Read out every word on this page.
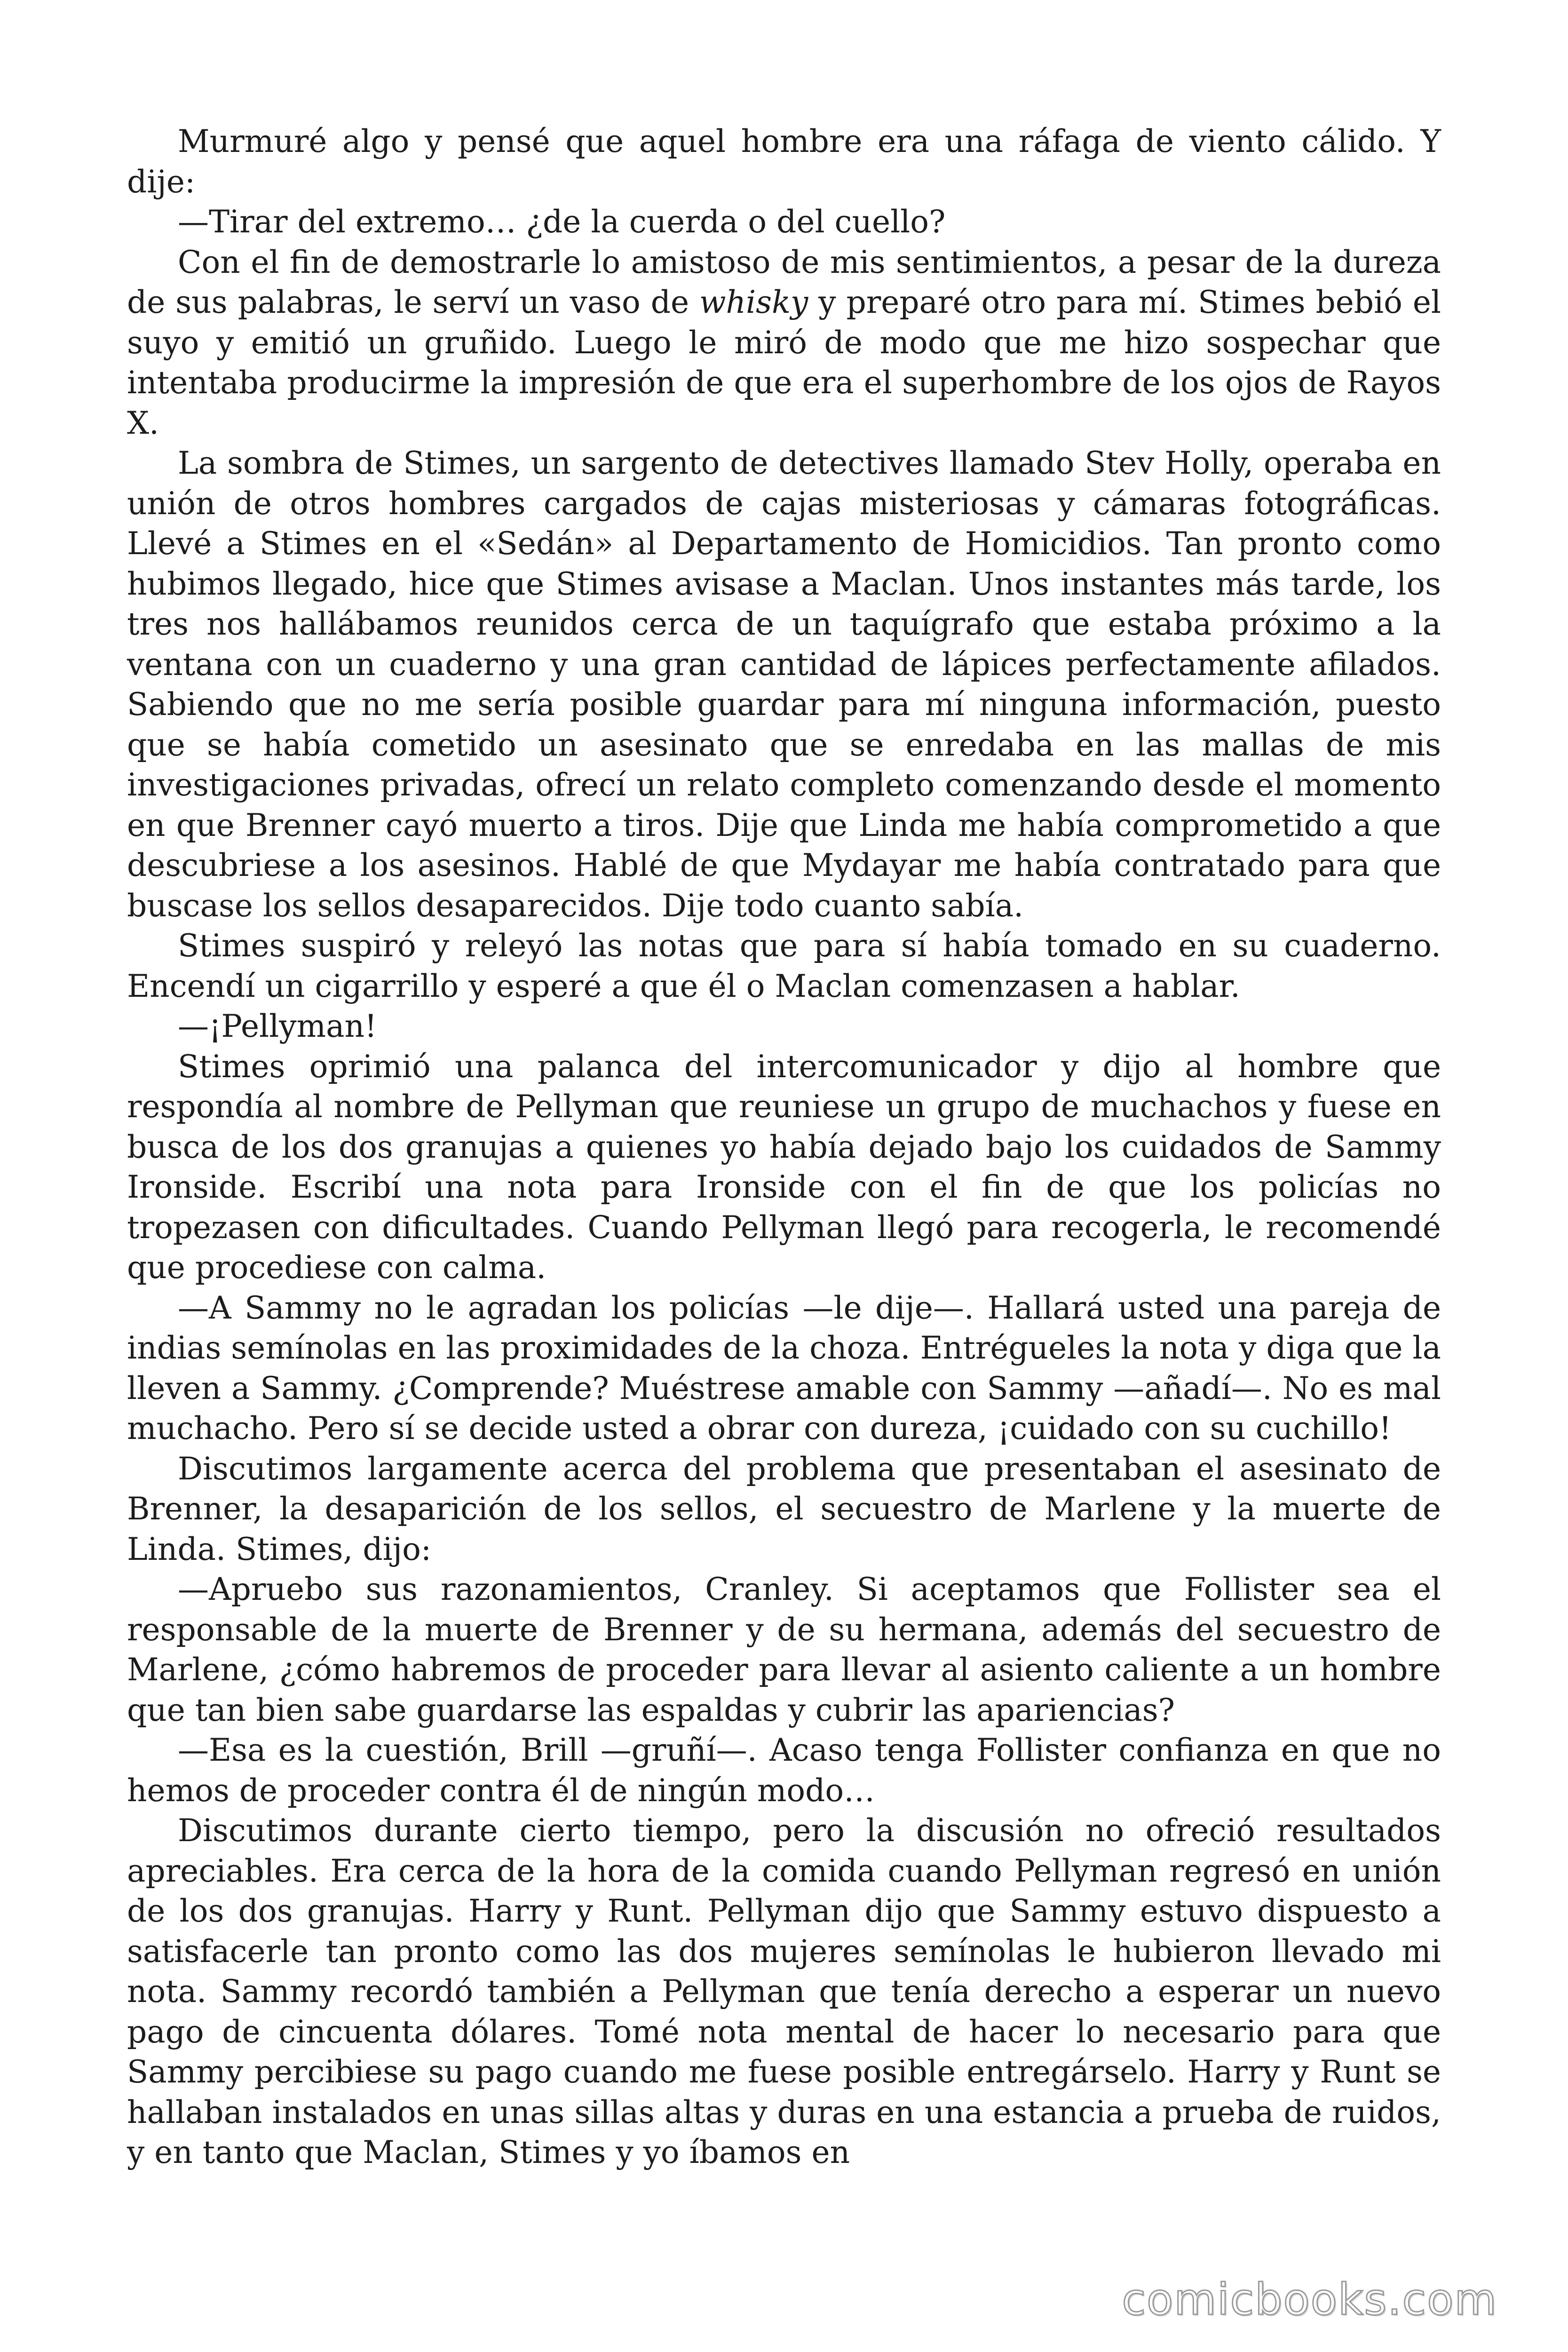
Murmuré algo y pensé que aquel hombre era una ráfaga de viento cálido. Y dije:

—Tirar del extremo… ¿de la cuerda o del cuello?

Con el fin de demostrarle lo amistoso de mis sentimientos, a pesar de la dureza de sus palabras, le serví un vaso de whisky y preparé otro para mí. Stimes bebió el suyo y emitió un gruñido. Luego le miró de modo que me hizo sospechar que intentaba producirme la impresión de que era el superhombre de los ojos de Rayos X.

La sombra de Stimes, un sargento de detectives llamado Stev Holly, operaba en unión de otros hombres cargados de cajas misteriosas y cámaras fotográficas. Llevé a Stimes en el «Sedán» al Departamento de Homicidios. Tan pronto como hubimos llegado, hice que Stimes avisase a Maclan. Unos instantes más tarde, los tres nos hallábamos reunidos cerca de un taquígrafo que estaba próximo a la ventana con un cuaderno y una gran cantidad de lápices perfectamente afilados. Sabiendo que no me sería posible guardar para mí ninguna información, puesto que se había cometido un asesinato que se enredaba en las mallas de mis investigaciones privadas, ofrecí un relato completo comenzando desde el momento en que Brenner cayó muerto a tiros. Dije que Linda me había comprometido a que descubriese a los asesinos. Hablé de que Mydayar me había contratado para que buscase los sellos desaparecidos. Dije todo cuanto sabía.

Stimes suspiró y releyó las notas que para sí había tomado en su cuaderno. Encendí un cigarrillo y esperé a que él o Maclan comenzasen a hablar.

—¡Pellyman!

Stimes oprimió una palanca del intercomunicador y dijo al hombre que respondía al nombre de Pellyman que reuniese un grupo de muchachos y fuese en busca de los dos granujas a quienes yo había dejado bajo los cuidados de Sammy Ironside. Escribí una nota para Ironside con el fin de que los policías no tropezasen con dificultades. Cuando Pellyman llegó para recogerla, le recomendé que procediese con calma.

—A Sammy no le agradan los policías —le dije—. Hallará usted una pareja de indias semínolas en las proximidades de la choza. Entrégueles la nota y diga que la lleven a Sammy. ¿Comprende? Muéstrese amable con Sammy —añadí—. No es mal muchacho. Pero sí se decide usted a obrar con dureza, ¡cuidado con su cuchillo!

Discutimos largamente acerca del problema que presentaban el asesinato de Brenner, la desaparición de los sellos, el secuestro de Marlene y la muerte de Linda. Stimes, dijo:

—Apruebo sus razonamientos, Cranley. Si aceptamos que Follister sea el responsable de la muerte de Brenner y de su hermana, además del secuestro de Marlene, ¿cómo habremos de proceder para llevar al asiento caliente a un hombre que tan bien sabe guardarse las espaldas y cubrir las apariencias?

—Esa es la cuestión, Brill —gruñí—. Acaso tenga Follister confianza en que no hemos de proceder contra él de ningún modo…

Discutimos durante cierto tiempo, pero la discusión no ofreció resultados apreciables. Era cerca de la hora de la comida cuando Pellyman regresó en unión de los dos granujas. Harry y Runt. Pellyman dijo que Sammy estuvo dispuesto a satisfacerle tan pronto como las dos mujeres semínolas le hubieron llevado mi nota. Sammy recordó también a Pellyman que tenía derecho a esperar un nuevo pago de cincuenta dólares. Tomé nota mental de hacer lo necesario para que Sammy percibiese su pago cuando me fuese posible entregárselo. Harry y Runt se hallaban instalados en unas sillas altas y duras en una estancia a prueba de ruidos, y en tanto que Maclan, Stimes y yo íbamos en

comicbooks.com
